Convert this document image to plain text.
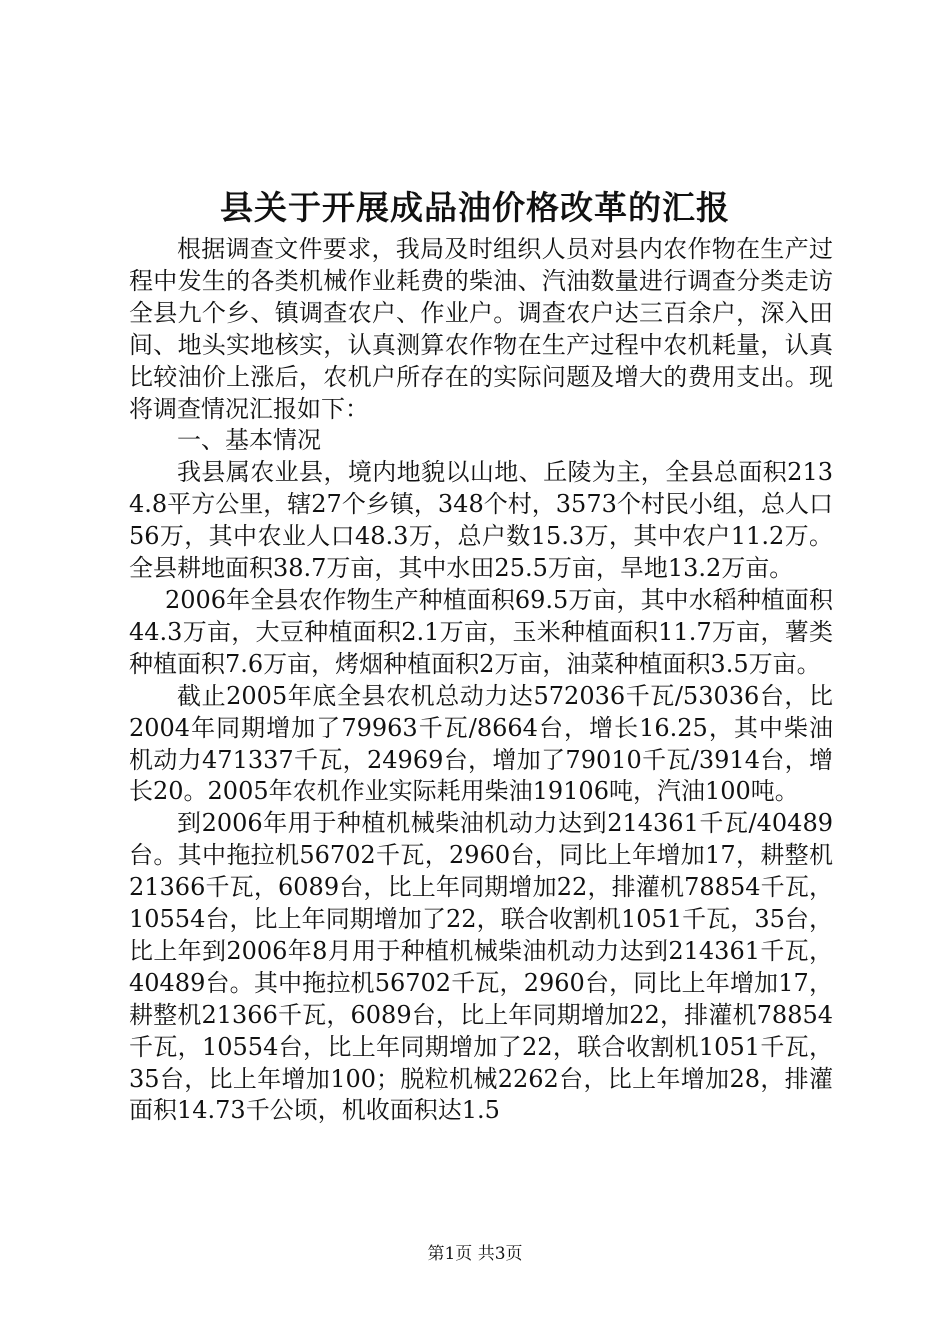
县关于开展成品油价格改革的汇报

根据调查文件要求，我局及时组织人员对县内农作物在生产过程中发生的各类机械作业耗费的柴油、汽油数量进行调查分类走访全县九个乡、镇调查农户、作业户。调查农户达三百余户，深入田间、地头实地核实，认真测算农作物在生产过程中农机耗量，认真比较油价上涨后，农机户所存在的实际问题及增大的费用支出。现将调查情况汇报如下：

一、基本情况

我县属农业县，境内地貌以山地、丘陵为主，全县总面积2134.8平方公里，辖27个乡镇，348个村，3573个村民小组，总人口56万，其中农业人口48.3万，总户数15.3万，其中农户11.2万。全县耕地面积38.7万亩，其中水田25.5万亩，旱地13.2万亩。

2006年全县农作物生产种植面积69.5万亩，其中水稻种植面积44.3万亩，大豆种植面积2.1万亩，玉米种植面积11.7万亩，薯类种植面积7.6万亩，烤烟种植面积2万亩，油菜种植面积3.5万亩。

截止2005年底全县农机总动力达572036千瓦/53036台，比2004年同期增加了79963千瓦/8664台，增长16.25，其中柴油机动力471337千瓦，24969台，增加了79010千瓦/3914台，增长20。2005年农机作业实际耗用柴油19106吨，汽油100吨。

到2006年用于种植机械柴油机动力达到214361千瓦/40489台。其中拖拉机56702千瓦，2960台，同比上年增加17，耕整机21366千瓦，6089台，比上年同期增加22，排灌机78854千瓦，10554台，比上年同期增加了22，联合收割机1051千瓦，35台，比上年到2006年8月用于种植机械柴油机动力达到214361千瓦，40489台。其中拖拉机56702千瓦，2960台，同比上年增加17，耕整机21366千瓦，6089台，比上年同期增加22，排灌机78854千瓦，10554台，比上年同期增加了22，联合收割机1051千瓦，35台，比上年增加100；脱粒机械2262台，比上年增加28，排灌面积14.73千公顷，机收面积达1.5

第1页 共3页
